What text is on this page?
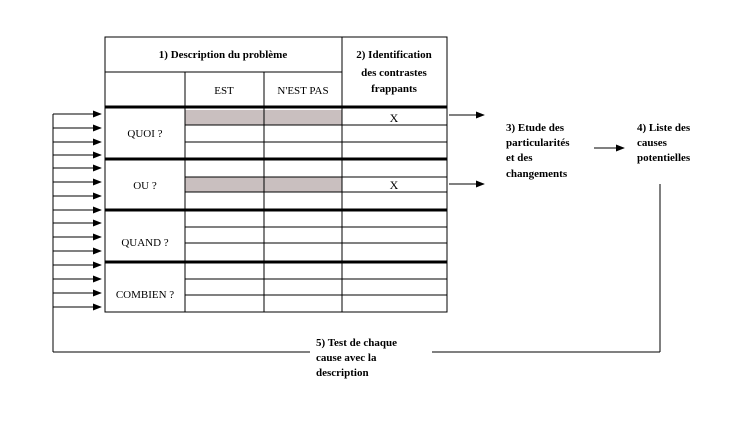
1) Description du problème	2) Identification
des contrastes
frappants
EST	N'EST PAS
QUOI ?
OU ?
QUAND ?
COMBIEN ?
X
X
3) Etude des
particularités
et des
changements
4) Liste des
causes
potentielles
5) Test de chaque
cause avec la
description
